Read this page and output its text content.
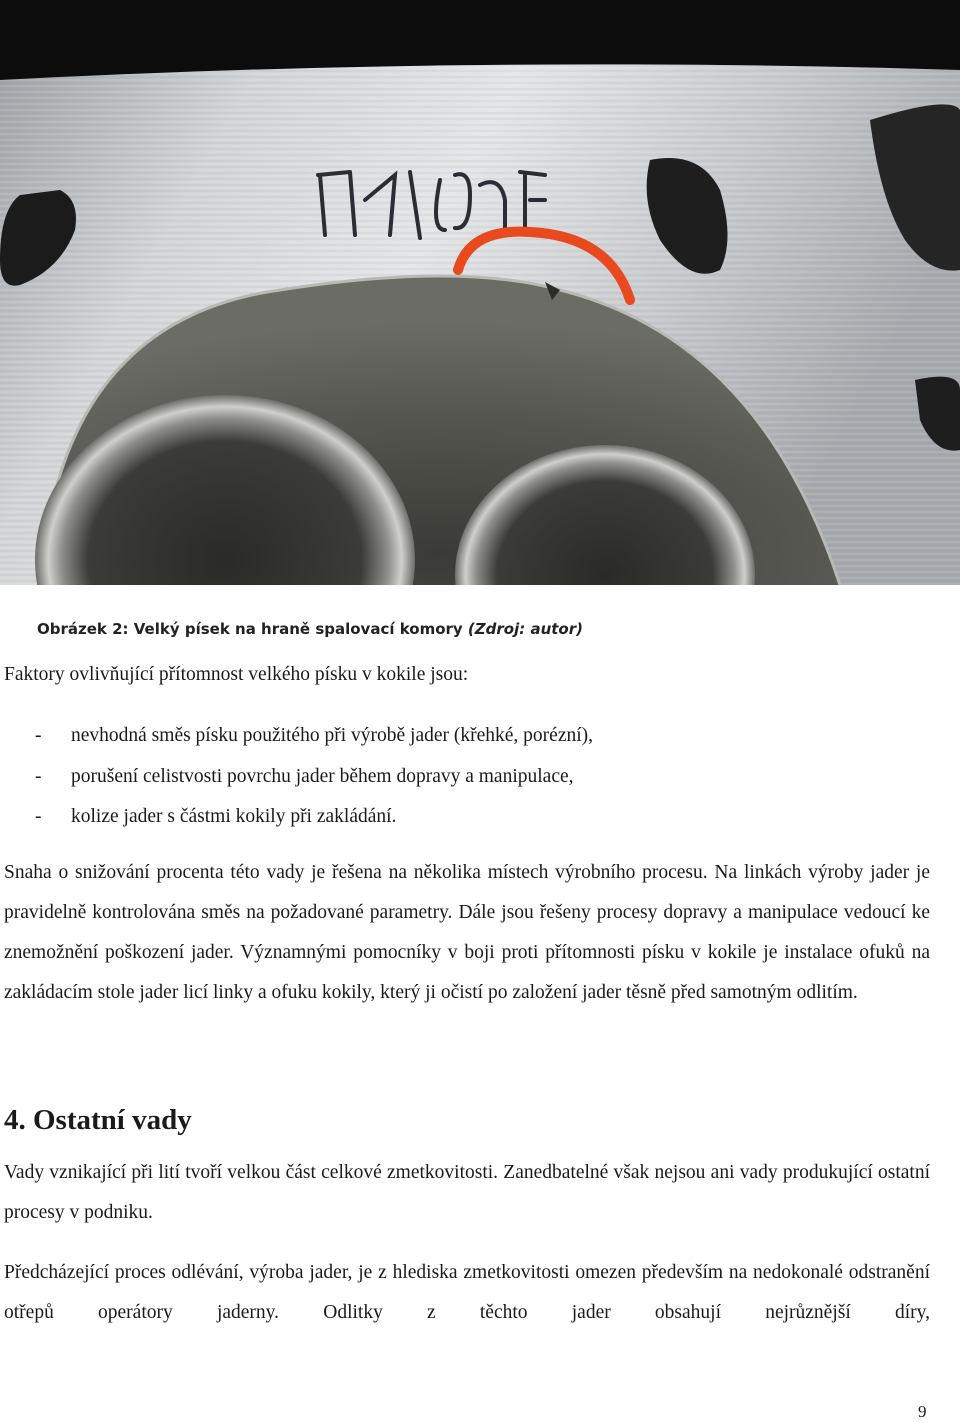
Obrázek 2: Velký písek na hraně spalovací komory (Zdroj: autor)

Faktory ovlivňující přítomnost velkého písku v kokile jsou:

- nevhodná směs písku použitého při výrobě jader (křehké, porézní),
- porušení celistvosti povrchu jader během dopravy a manipulace,
- kolize jader s částmi kokily při zakládání.

Snaha o snižování procenta této vady je řešena na několika místech výrobního procesu. Na linkách výroby jader je pravidelně kontrolována směs na požadované parametry. Dále jsou řešeny procesy dopravy a manipulace vedoucí ke znemožnění poškození jader. Významnými pomocníky v boji proti přítomnosti písku v kokile je instalace ofuků na zakládacím stole jader licí linky a ofuku kokily, který ji očistí po založení jader těsně před samotným odlitím.

4. Ostatní vady

Vady vznikající při lití tvoří velkou část celkové zmetkovitosti. Zanedbatelné však nejsou ani vady produkující ostatní procesy v podniku.

Předcházející proces odlévání, výroba jader, je z hlediska zmetkovitosti omezen především na nedokonalé odstranění otřepů operátory jaderny. Odlitky z těchto jader obsahují nejrůznější díry,

9
